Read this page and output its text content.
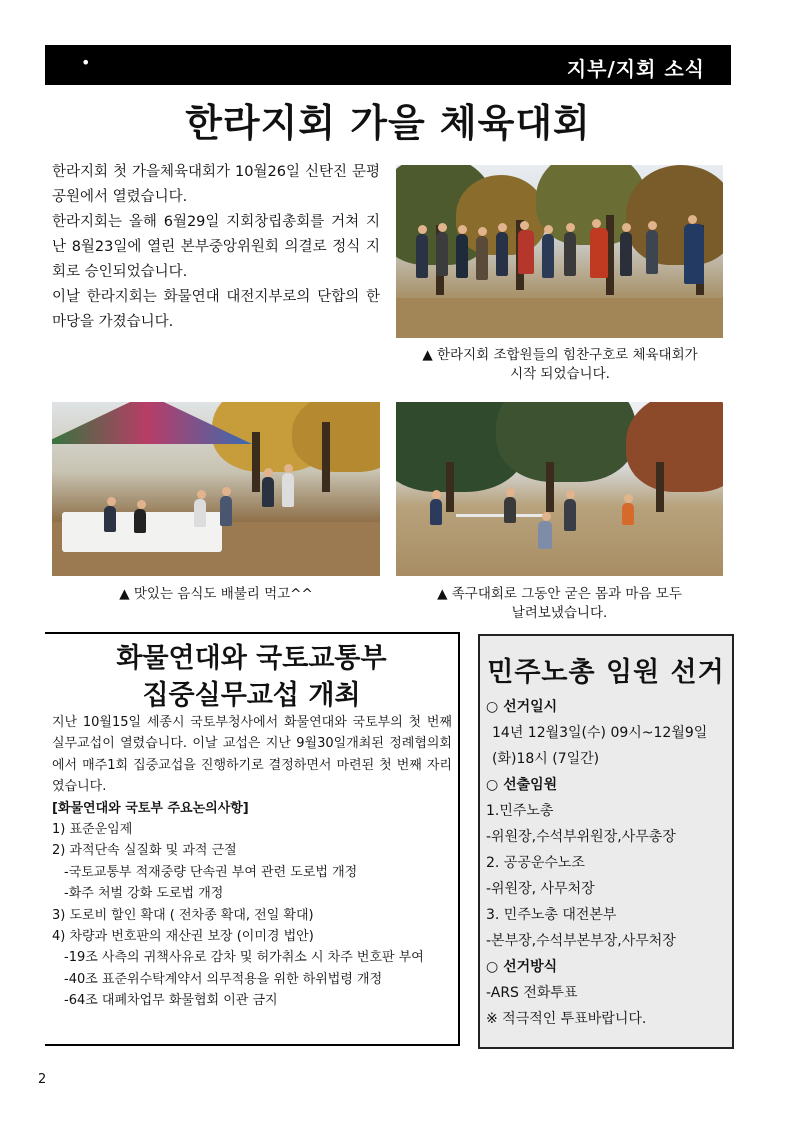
•	지부/지회 소식
한라지회 가을 체육대회

한라지회 첫 가을체육대회가 10월26일 신탄진 문평공원에서 열렸습니다.

한라지회는 올해 6월29일 지회창립총회를 거쳐 지난 8월23일에 열린 본부중앙위원회 의결로 정식 지회로 승인되었습니다.

이날 한라지회는 화물연대 대전지부로의 단합의 한마당을 가졌습니다.

▲ 한라지회 조합원들의 힘찬구호로 체육대회가
시작 되었습니다.
▲ 맛있는 음식도 배불리 먹고^^	▲ 족구대회로 그동안 굳은 몸과 마음 모두
날려보냈습니다.
화물연대와 국토교통부
집중실무교섭 개최

지난 10월15일 세종시 국토부청사에서 화물연대와 국토부의 첫 번째 실무교섭이 열렸습니다. 이날 교섭은 지난 9월30일개최된 정례협의회에서 매주1회 집중교섭을 진행하기로 결정하면서 마련된 첫 번째 자리였습니다.

[화물연대와 국토부 주요논의사항]

1) 표준운임제

2) 과적단속 실질화 및 과적 근절

-국토교통부 적재중량 단속권 부여 관련 도로법 개정

-화주 처벌 강화 도로법 개정

3) 도로비 할인 확대 ( 전차종 확대, 전일 확대)

4) 차량과 번호판의 재산권 보장 (이미경 법안)

-19조 사측의 귀책사유로 감차 및 허가취소 시 차주 번호판 부여

-40조 표준위수탁계약서 의무적용을 위한 하위법령 개정

-64조 대폐차업무 화물협회 이관 금지

민주노총 임원 선거

○ 선거일시

14년 12월3일(수) 09시~12월9일(화)18시 (7일간)

○ 선출임원

1.민주노총

-위원장,수석부위원장,사무총장

2. 공공운수노조

-위원장, 사무처장

3. 민주노총 대전본부

-본부장,수석부본부장,사무처장

○ 선거방식

-ARS 전화투표

※ 적극적인 투표바랍니다.

2
